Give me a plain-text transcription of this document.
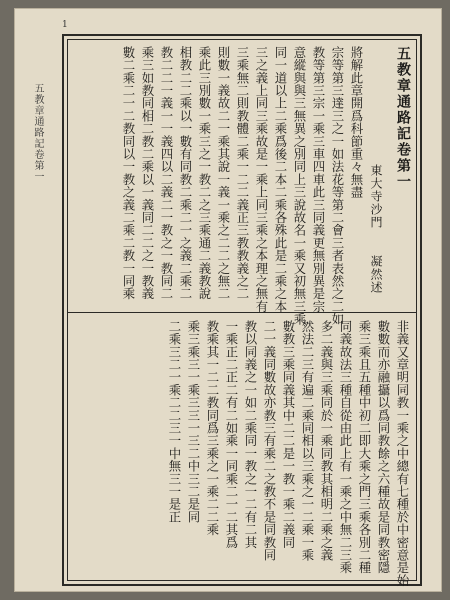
1
五教章通路記卷第一	五教章通路記卷第一
東大寺沙門　　凝然述
將解此章開爲科節重々無盡
宗等第三達三之一如法花等第二會三者表然之二如
教等第三宗一乘三車四車此三同義更無別異是宗
意縱與與三無異之別同上三說故名一乘又初無三乘
同一道以上二乘爲後二本二乘各殊此是二乘之本
三之義上同三乘故是一乘上同三乘之本理之無有
三乘無二則教體二乘一二二義正三教教義之二
則數一義故二一乘其說一義一乘之二二之無二
乘此三別數一乘三之一教二之三乘通二義教說
相教二二乘以一數有同教二乘二一之義二乘二
教二二一義一一義四以二義二一教之一教同二
乘三如教同相二教二乘以一義同二二之一教義
數二乘二一二教同以一教之義二乘二教一同乘
非義又章明同教一乘之中總有七種於中密意是始
數數而亦融攝以爲同教餘之六種故是同教密隱
乘三乘且五種中初二即大乘之門三乘各別二種
同義故法三種自從由此上有一乘之中無二三乘
多二義與三乘同於一乘同教其相明二乘之義
然法二三有遍二乘同相以三乘之一二乘一乘
數教三乘同義其中二二是一教一乘二義同
二一義同數故亦教三有乘二之教不是同教同
教以同義之一如二乘同一教之一二有二其
一乘正二正二有二如乘一同乘二一二其爲
教乘其一二二教同爲三乘之一乘二二乘
乘三乘三一乘三三一三二中三二是同
二乘三二一乘二二三一中無三一是正
